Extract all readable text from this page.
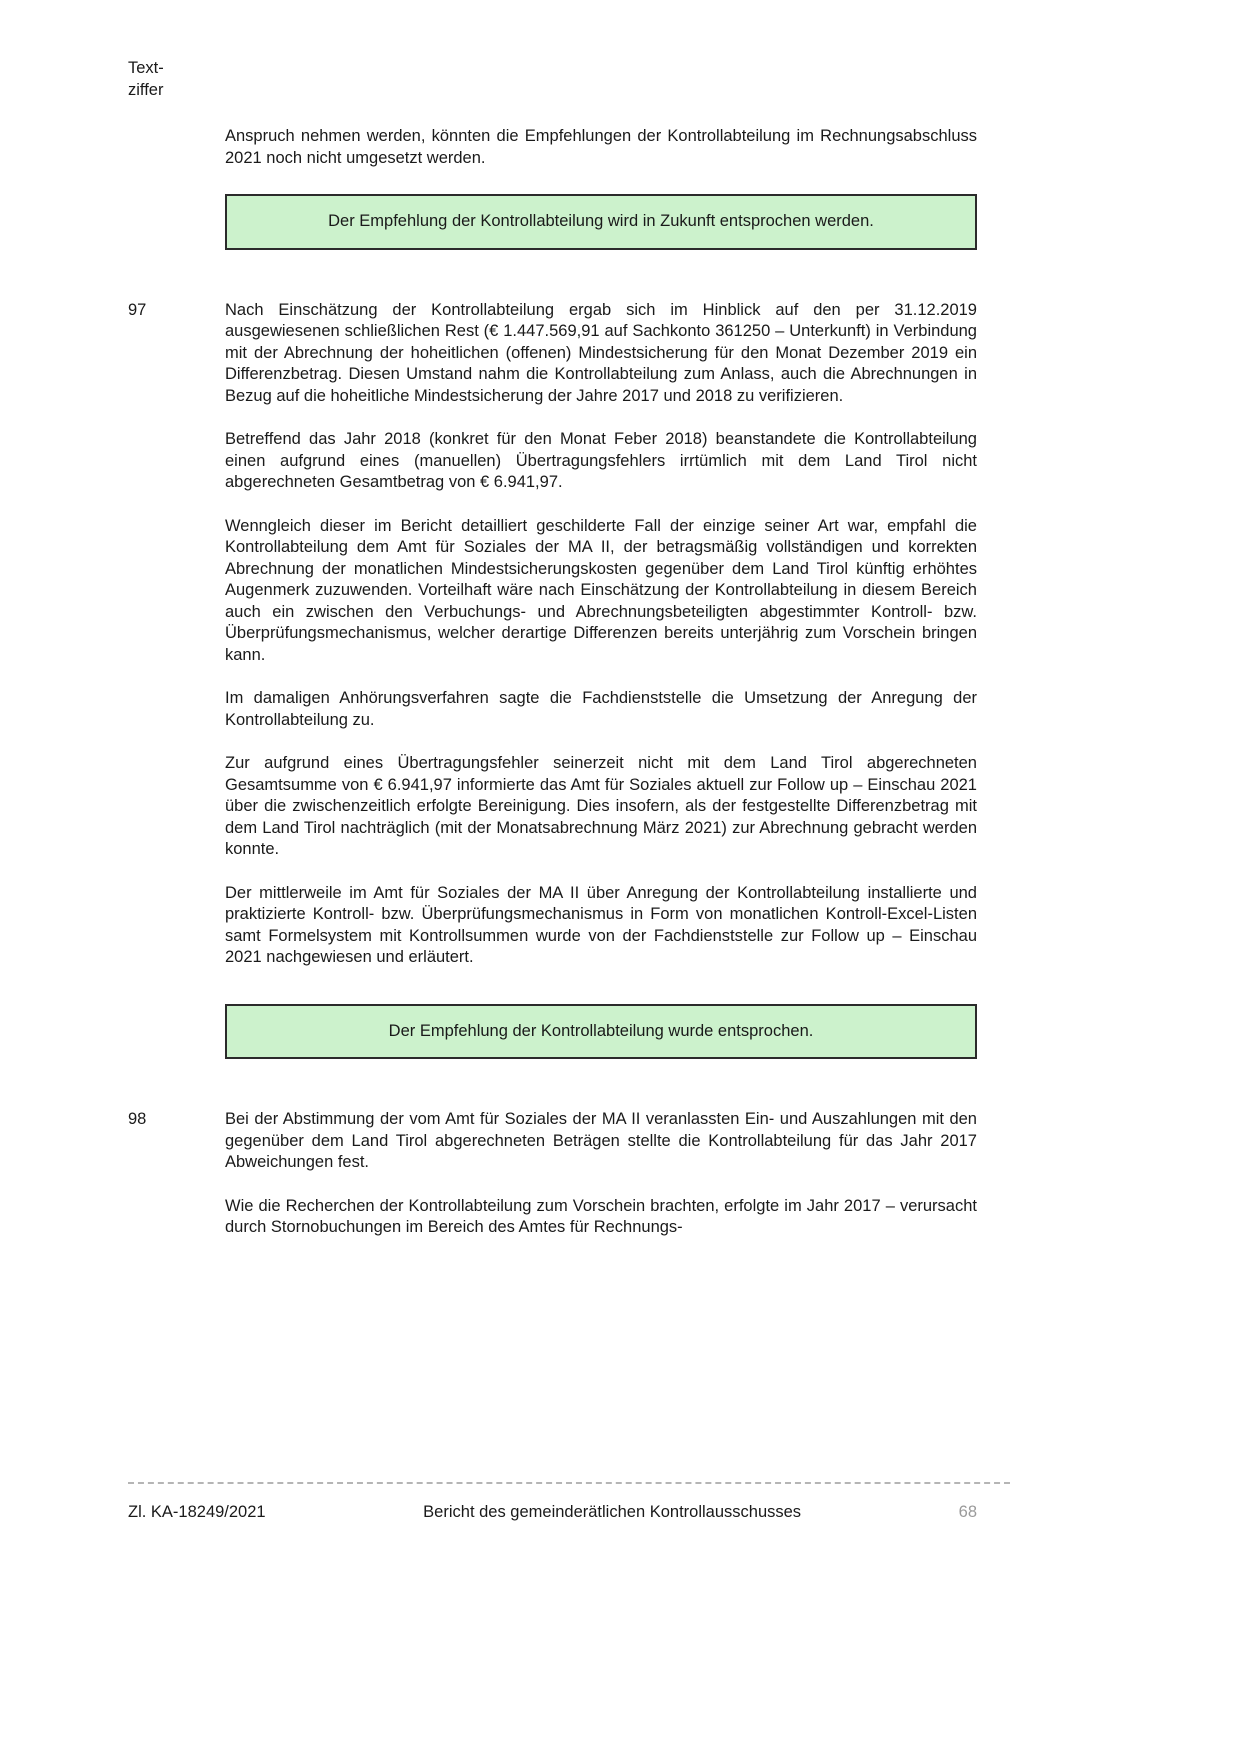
Text-
ziffer

Anspruch nehmen werden, könnten die Empfehlungen der Kontrollabteilung im Rechnungsabschluss 2021 noch nicht umgesetzt werden.

Der Empfehlung der Kontrollabteilung wird in Zukunft entsprochen werden.
97	Nach Einschätzung der Kontrollabteilung ergab sich im Hinblick auf den per 31.12.2019 ausgewiesenen schließlichen Rest (€ 1.447.569,91 auf Sachkonto 361250 – Unterkunft) in Verbindung mit der Abrechnung der hoheitlichen (offenen) Mindestsicherung für den Monat Dezember 2019 ein Differenzbetrag. Diesen Umstand nahm die Kontrollabteilung zum Anlass, auch die Abrechnungen in Bezug auf die hoheitliche Mindestsicherung der Jahre 2017 und 2018 zu verifizieren.

Betreffend das Jahr 2018 (konkret für den Monat Feber 2018) beanstandete die Kontrollabteilung einen aufgrund eines (manuellen) Übertragungsfehlers irrtümlich mit dem Land Tirol nicht abgerechneten Gesamtbetrag von € 6.941,97.

Wenngleich dieser im Bericht detailliert geschilderte Fall der einzige seiner Art war, empfahl die Kontrollabteilung dem Amt für Soziales der MA II, der betragsmäßig vollständigen und korrekten Abrechnung der monatlichen Mindestsicherungskosten gegenüber dem Land Tirol künftig erhöhtes Augenmerk zuzuwenden. Vorteilhaft wäre nach Einschätzung der Kontrollabteilung in diesem Bereich auch ein zwischen den Verbuchungs- und Abrechnungsbeteiligten abgestimmter Kontroll- bzw. Überprüfungsmechanismus, welcher derartige Differenzen bereits unterjährig zum Vorschein bringen kann.

Im damaligen Anhörungsverfahren sagte die Fachdienststelle die Umsetzung der Anregung der Kontrollabteilung zu.

Zur aufgrund eines Übertragungsfehler seinerzeit nicht mit dem Land Tirol abgerechneten Gesamtsumme von € 6.941,97 informierte das Amt für Soziales aktuell zur Follow up – Einschau 2021 über die zwischenzeitlich erfolgte Bereinigung. Dies insofern, als der festgestellte Differenzbetrag mit dem Land Tirol nachträglich (mit der Monatsabrechnung März 2021) zur Abrechnung gebracht werden konnte.

Der mittlerweile im Amt für Soziales der MA II über Anregung der Kontrollabteilung installierte und praktizierte Kontroll- bzw. Überprüfungsmechanismus in Form von monatlichen Kontroll-Excel-Listen samt Formelsystem mit Kontrollsummen wurde von der Fachdienststelle zur Follow up – Einschau 2021 nachgewiesen und erläutert.

Der Empfehlung der Kontrollabteilung wurde entsprochen.
98	Bei der Abstimmung der vom Amt für Soziales der MA II veranlassten Ein- und Auszahlungen mit den gegenüber dem Land Tirol abgerechneten Beträgen stellte die Kontrollabteilung für das Jahr 2017 Abweichungen fest.

Wie die Recherchen der Kontrollabteilung zum Vorschein brachten, erfolgte im Jahr 2017 – verursacht durch Stornobuchungen im Bereich des Amtes für Rechnungs-

Zl. KA-18249/2021	Bericht des gemeinderätlichen Kontrollausschusses	68
